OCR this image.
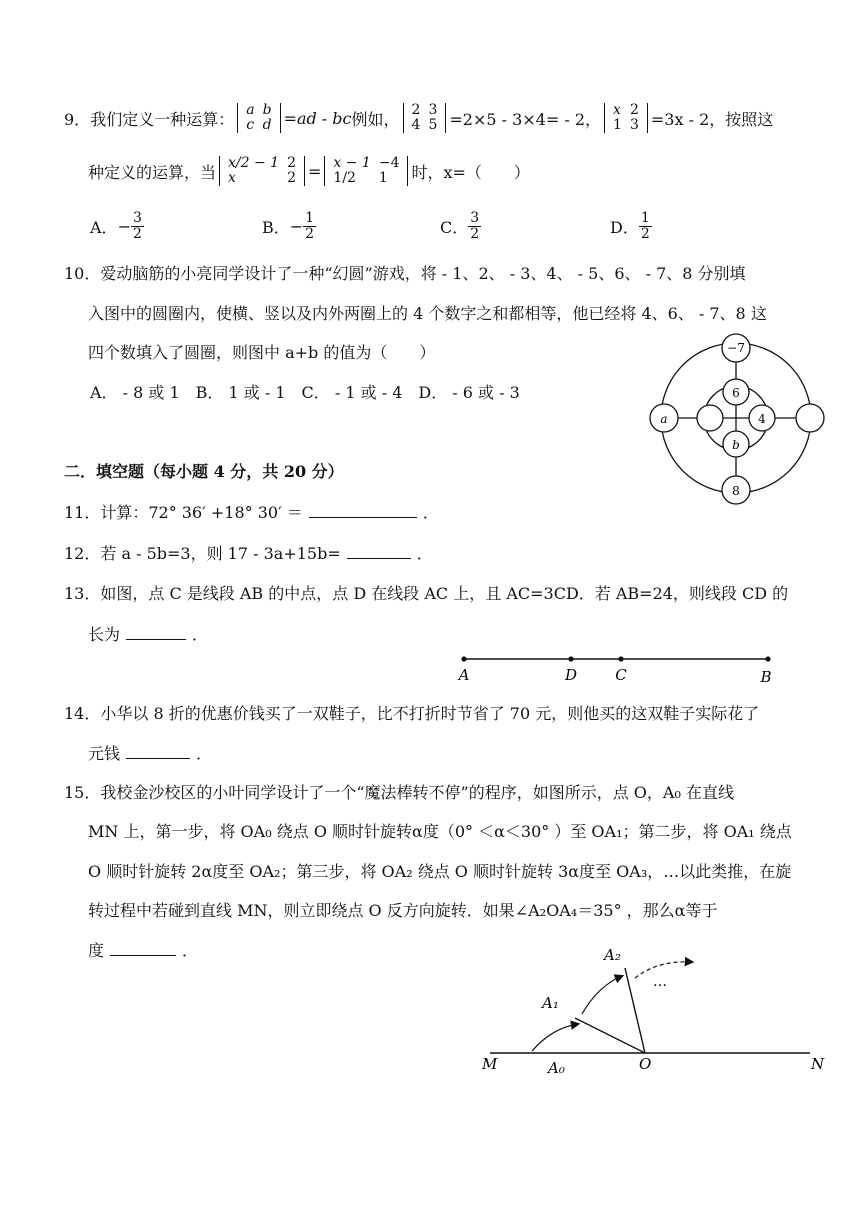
9． 我们定义一种运算： a	b
c	d =ad - bc 例如， 2	3
4	5 =2×5 - 3×4= - 2， x	2
1	3 =3x - 2，按照这
种定义的运算，当 x/2 − 1	2
x	2 = x − 1	−4
1/2	1 时，x=（　　）
A． − $\frac{3}{2}$	B． − $\frac{1}{2}$	C． $\frac{3}{2}$	D． $\frac{1}{2}$
10．爱动脑筋的小亮同学设计了一种“幻圆”游戏，将 - 1、2、 - 3、4、 - 5、6、 - 7、8 分别填
入图中的圆圈内，使横、竖以及内外两圈上的 4 个数字之和都相等，他已经将 4、6、 - 7、8 这
四个数填入了圆圈，则图中 a+b 的值为（　　）
A． - 8 或 1　B． 1 或 - 1　C． - 1 或 - 4　D． - 6 或 - 3
−7
6
4
b
a
8
二．填空题（每小题 4 分，共 20 分）
11．计算：72° 36′ +18° 30′ ＝	．
12．若 a - 5b=3，则 17 - 3a+15b=	．
13．如图，点 C 是线段 AB 的中点，点 D 在线段 AC 上，且 AC=3CD．若 AB=24，则线段 CD 的
长为	．
A	D	C	B
14．小华以 8 折的优惠价钱买了一双鞋子，比不打折时节省了 70 元，则他买的这双鞋子实际花了
元钱	．
15．我校金沙校区的小叶同学设计了一个“魔法棒转不停”的程序，如图所示，点 O，A₀ 在直线
MN 上，第一步，将 OA₀ 绕点 O 顺时针旋转α度（0° ＜α＜30° ）至 OA₁；第二步，将 OA₁ 绕点
O 顺时针旋转 2α度至 OA₂；第三步，将 OA₂ 绕点 O 顺时针旋转 3α度至 OA₃，…以此类推，在旋
转过程中若碰到直线 MN，则立即绕点 O 反方向旋转．如果∠A₂OA₄＝35° ，那么α等于
度	．
M	N
O
A₀
A₁
A₂
…
